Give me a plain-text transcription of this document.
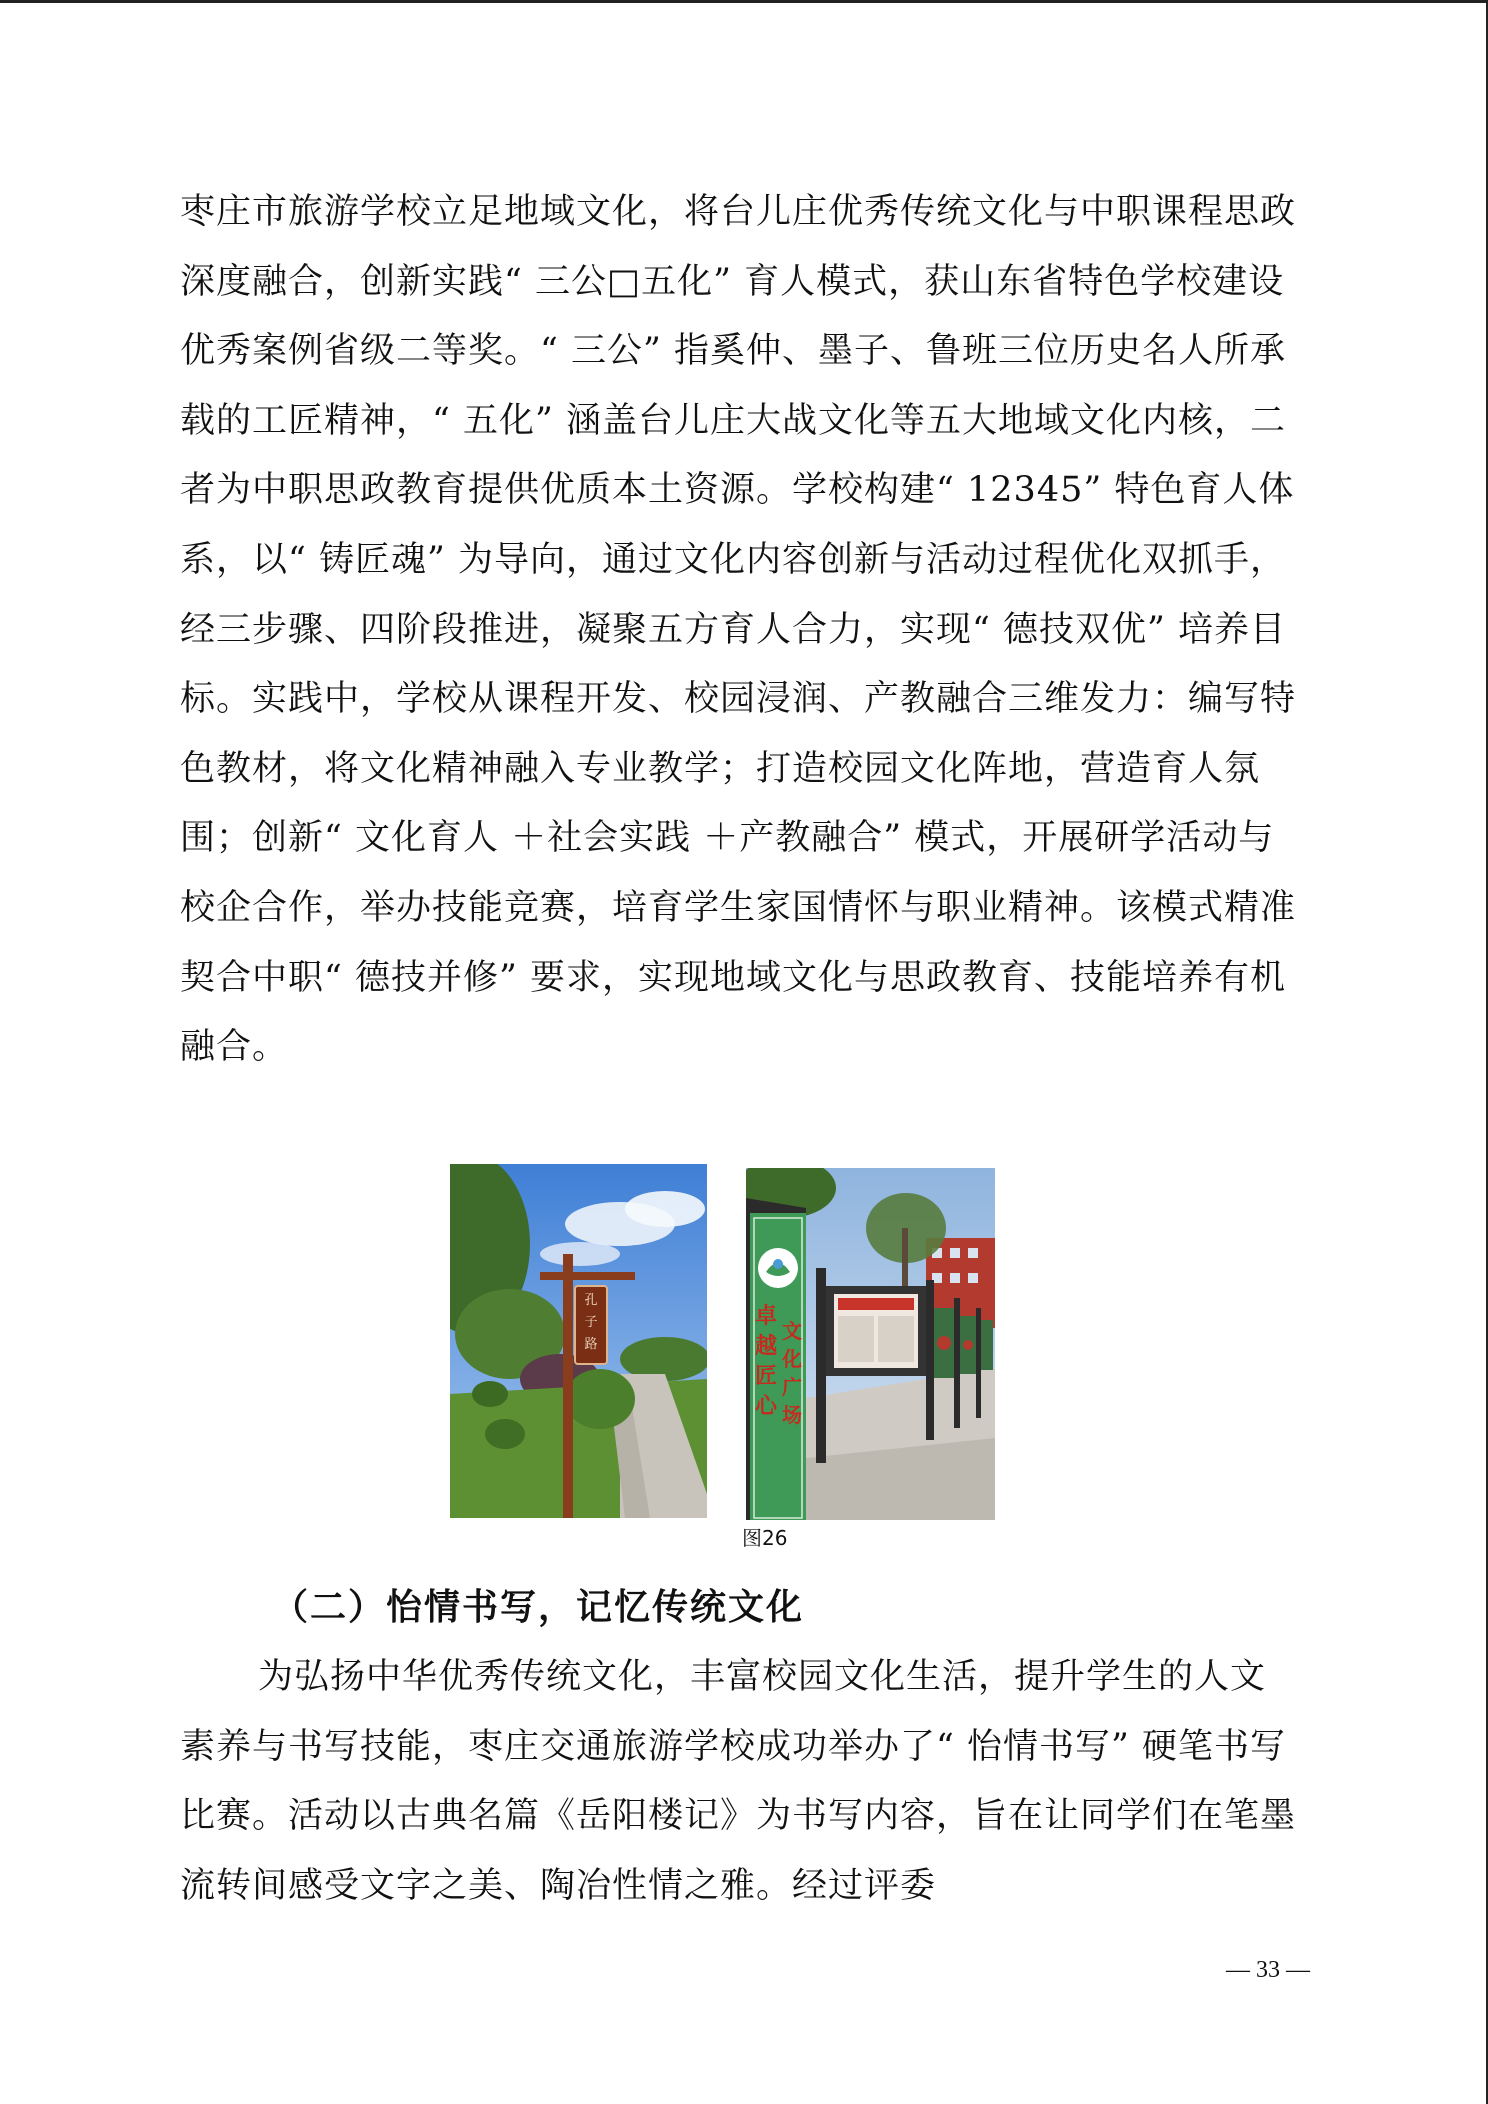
枣庄市旅游学校立足地域文化，将台儿庄优秀传统文化与中职课程思政深度融合，创新实践“ 三公□五化” 育人模式，获山东省特色学校建设优秀案例省级二等奖。“ 三公” 指奚仲、墨子、鲁班三位历史名人所承载的工匠精神，“ 五化” 涵盖台儿庄大战文化等五大地域文化内核，二者为中职思政教育提供优质本土资源。学校构建“ 12345” 特色育人体系，以“ 铸匠魂” 为导向，通过文化内容创新与活动过程优化双抓手，经三步骤、四阶段推进，凝聚五方育人合力，实现“ 德技双优” 培养目标。实践中，学校从课程开发、校园浸润、产教融合三维发力：编写特色教材，将文化精神融入专业教学；打造校园文化阵地，营造育人氛围；创新“ 文化育人 ＋社会实践 ＋产教融合” 模式，开展研学活动与校企合作，举办技能竞赛，培育学生家国情怀与职业精神。该模式精准契合中职“ 德技并修” 要求，实现地域文化与思政教育、技能培养有机融合。

孔
子
路
卓
越
匠
心
文
化
广
场
图26
（二）怡情书写，记忆传统文化

为弘扬中华优秀传统文化，丰富校园文化生活，提升学生的人文素养与书写技能，枣庄交通旅游学校成功举办了“ 怡情书写” 硬笔书写比赛。活动以古典名篇《岳阳楼记》为书写内容，旨在让同学们在笔墨流转间感受文字之美、陶冶性情之雅。经过评委

— 33 —
